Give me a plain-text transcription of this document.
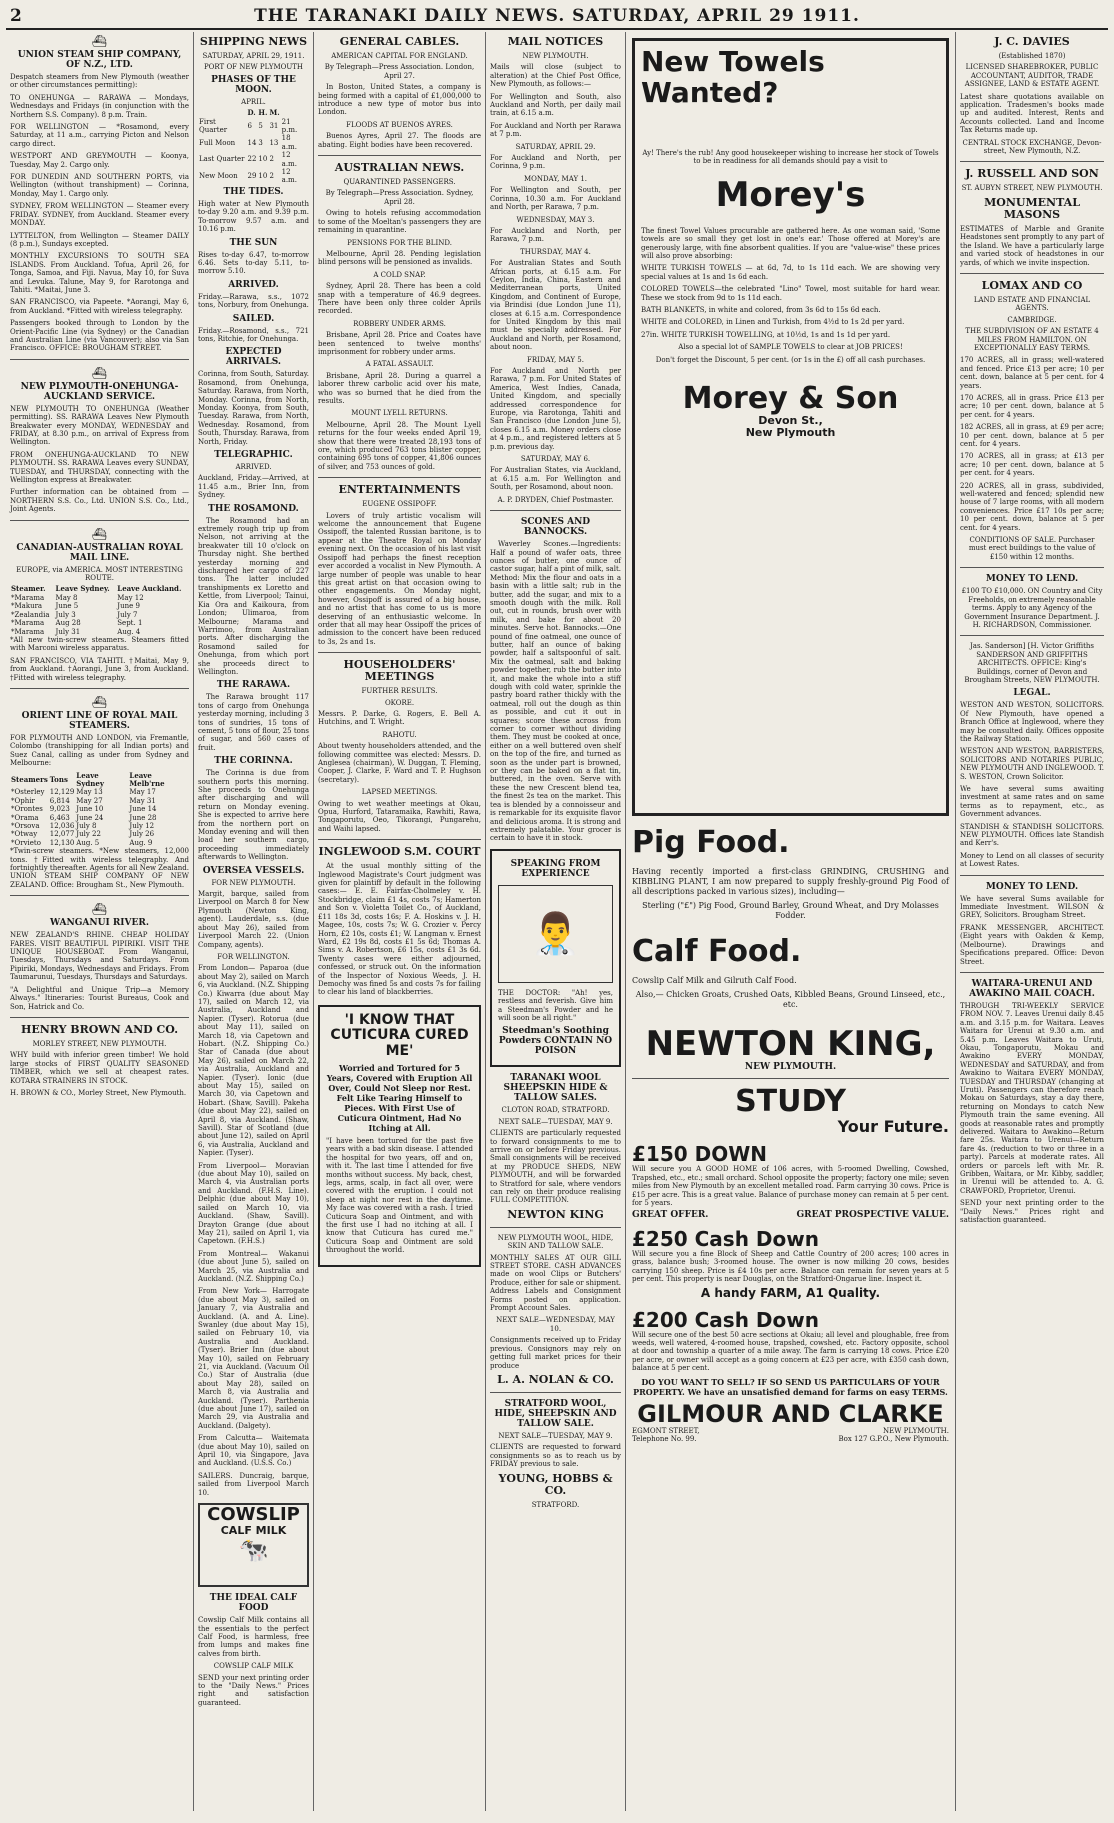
2	THE TARANAKI DAILY NEWS. SATURDAY, APRIL 29 1911.
⛴
UNION STEAM SHIP COMPANY, OF N.Z., LTD.

Despatch steamers from New Plymouth (weather or other circumstances permitting):

TO ONEHUNGA — RARAWA — Mondays, Wednesdays and Fridays (in conjunction with the Northern S.S. Company). 8 p.m. Train.

FOR WELLINGTON — *Rosamond, every Saturday, at 11 a.m., carrying Picton and Nelson cargo direct.

WESTPORT AND GREYMOUTH — Koonya, Tuesday, May 2. Cargo only.

FOR DUNEDIN AND SOUTHERN PORTS, via Wellington (without transhipment) — Corinna, Monday, May 1. Cargo only.

SYDNEY, FROM WELLINGTON — Steamer every FRIDAY. SYDNEY, from Auckland. Steamer every MONDAY.

LYTTELTON, from Wellington — Steamer DAILY (8 p.m.), Sundays excepted.

MONTHLY EXCURSIONS TO SOUTH SEA ISLANDS. From Auckland. Tofua, April 26, for Tonga, Samoa, and Fiji. Navua, May 10, for Suva and Levuka. Talune, May 9, for Rarotonga and Tahiti. *Maitai, June 3.

SAN FRANCISCO, via Papeete. *Aorangi, May 6, from Auckland. *Fitted with wireless telegraphy.

Passengers booked through to London by the Orient-Pacific Line (via Sydney) or the Canadian and Australian Line (via Vancouver); also via San Francisco. OFFICE: BROUGHAM STREET.

⛴
NEW PLYMOUTH-ONEHUNGA-AUCKLAND SERVICE.

NEW PLYMOUTH TO ONEHUNGA (Weather permitting). SS. RARAWA Leaves New Plymouth Breakwater every MONDAY, WEDNESDAY and FRIDAY, at 8.30 p.m., on arrival of Express from Wellington.

FROM ONEHUNGA-AUCKLAND TO NEW PLYMOUTH. SS. RARAWA Leaves every SUNDAY, TUESDAY, and THURSDAY, connecting with the Wellington express at Breakwater.

Further information can be obtained from — NORTHERN S.S. Co., Ltd. UNION S.S. Co., Ltd., Joint Agents.

⛴
CANADIAN-AUSTRALIAN ROYAL MAIL LINE.
EUROPE, via AMERICA. MOST INTERESTING ROUTE.
Steamer.	Leave Sydney.	Leave Auckland.
*Marama	May 8	May 12
*Makura	June 5	June 9
*Zealandia	July 3	July 7
*Marama	Aug 28	Sept. 1
*Marama	July 31	Aug. 4

*All new twin-screw steamers. Steamers fitted with Marconi wireless apparatus.

SAN FRANCISCO, VIA TAHITI. †Maitai, May 9, from Auckland. †Aorangi, June 3, from Auckland. †Fitted with wireless telegraphy.

⛴
ORIENT LINE OF ROYAL MAIL STEAMERS.

FOR PLYMOUTH AND LONDON, via Fremantle, Colombo (transhipping for all Indian ports) and Suez Canal, calling as under from Sydney and Melbourne:

Steamers	Tons	Leave Sydney	Leave Melb'rne
*Osterley	12,129	May 13	May 17
*Ophir	6,814	May 27	May 31
*Orontes	9,023	June 10	June 14
*Orama	6,463	June 24	June 28
*Orsova	12,036	July 8	July 12
*Otway	12,077	July 22	July 26
*Orvieto	12,130	Aug. 5	Aug. 9

*Twin-screw steamers. *New steamers, 12,000 tons. †Fitted with wireless telegraphy. And fortnightly thereafter. Agents for all New Zealand. UNION STEAM SHIP COMPANY OF NEW ZEALAND. Office: Brougham St., New Plymouth.

⛴
WANGANUI RIVER.

NEW ZEALAND'S RHINE. CHEAP HOLIDAY FARES. VISIT BEAUTIFUL PIPIRIKI. VISIT THE UNIQUE HOUSEBOAT. From Wanganui, Tuesdays, Thursdays and Saturdays. From Pipiriki, Mondays, Wednesdays and Fridays. From Taumarunui, Tuesdays, Thursdays and Saturdays.

"A Delightful and Unique Trip—a Memory Always." Itineraries: Tourist Bureaus, Cook and Son, Hatrick and Co.

HENRY BROWN AND CO.
MORLEY STREET, NEW PLYMOUTH.

WHY build with inferior green timber! We hold large stocks of FIRST QUALITY SEASONED TIMBER, which we sell at cheapest rates. KOTARA STRAINERS IN STOCK.

H. BROWN & CO., Morley Street, New Plymouth.

SHIPPING NEWS
SATURDAY, APRIL 29, 1911.
PORT OF NEW PLYMOUTH
PHASES OF THE MOON.
APRIL.
	D.	H.	M.	
First Quarter	6	5	31	21 p.m.
Full Moon	14	3	13	18 a.m.
Last Quarter	22	10	2	12 a.m.
New Moon	29	10	2	12 a.m.
THE TIDES.

High water at New Plymouth to-day 9.20 a.m. and 9.39 p.m. To-morrow 9.57 a.m. and 10.16 p.m.

THE SUN

Rises to-day 6.47, to-morrow 6.46. Sets to-day 5.11, to-morrow 5.10.

ARRIVED.

Friday.—Rarawa, s.s., 1072 tons, Norbury, from Onehunga.

SAILED.

Friday.—Rosamond, s.s., 721 tons, Ritchie, for Onehunga.

EXPECTED ARRIVALS.

Corinna, from South, Saturday. Rosamond, from Onehunga, Saturday. Rarawa, from North, Monday. Corinna, from North, Monday. Koonya, from South, Tuesday. Rarawa, from North, Wednesday. Rosamond, from South, Thursday. Rarawa, from North, Friday.

TELEGRAPHIC.
ARRIVED.

Auckland, Friday.—Arrived, at 11.45 a.m., Brier Inn, from Sydney.

THE ROSAMOND.

The Rosamond had an extremely rough trip up from Nelson, not arriving at the breakwater till 10 o'clock on Thursday night. She berthed yesterday morning and discharged her cargo of 227 tons. The latter included transhipments ex Loretto and Kettle, from Liverpool; Tainui, Kia Ora and Kaikoura, from London; Ulimaroa, from Melbourne; Marama and Warrimoo, from Australian ports. After discharging the Rosamond sailed for Onehunga, from which port she proceeds direct to Wellington.

THE RARAWA.

The Rarawa brought 117 tons of cargo from Onehunga yesterday morning, including 3 tons of sundries, 15 tons of cement, 5 tons of flour, 25 tons of sugar, and 560 cases of fruit.

THE CORINNA.

The Corinna is due from southern ports this morning. She proceeds to Onehunga after discharging and will return on Monday evening. She is expected to arrive here from the northern port on Monday evening and will then load her southern cargo, proceeding immediately afterwards to Wellington.

OVERSEA VESSELS.
FOR NEW PLYMOUTH.

Margit, barque, sailed from Liverpool on March 8 for New Plymouth (Newton King, agent). Lauderdale, s.s. (due about May 26), sailed from Liverpool March 22. (Union Company, agents).

FOR WELLINGTON.

From London— Paparoa (due about May 2), sailed on March 6, via Auckland. (N.Z. Shipping Co.) Kiwarra (due about May 17), sailed on March 12, via Australia, Auckland and Napier. (Tyser). Rotorua (due about May 11), sailed on March 18, via Capetown and Hobart. (N.Z. Shipping Co.) Star of Canada (due about May 26), sailed on March 22, via Australia, Auckland and Napier. (Tyser). Ionic (due about May 15), sailed on March 30, via Capetown and Hobart. (Shaw, Savill). Pakeha (due about May 22), sailed on April 8, via Auckland. (Shaw, Savill). Star of Scotland (due about June 12), sailed on April 6, via Australia, Auckland and Napier. (Tyser).

From Liverpool— Moravian (due about May 10), sailed on March 4, via Australian ports and Auckland. (F.H.S. Line). Delphic (due about May 10), sailed on March 10, via Auckland. (Shaw, Savill). Drayton Grange (due about May 21), sailed on April 1, via Capetown. (F.H.S.)

From Montreal— Wakanui (due about June 5), sailed on March 25, via Australia and Auckland. (N.Z. Shipping Co.)

From New York— Harrogate (due about May 3), sailed on January 7, via Australia and Auckland. (A. and A. Line). Swanley (due about May 15), sailed on February 10, via Australia and Auckland. (Tyser). Brier Inn (due about May 10), sailed on February 21, via Auckland. (Vacuum Oil Co.) Star of Australia (due about May 28), sailed on March 8, via Australia and Auckland. (Tyser). Parthenia (due about June 17), sailed on March 29, via Australia and Auckland. (Dalgety).

From Calcutta— Waitemata (due about May 10), sailed on April 10, via Singapore, Java and Auckland. (U.S.S. Co.)

SAILERS. Duncraig, barque, sailed from Liverpool March 10.

COWSLIP
CALF MILK
🐄
THE IDEAL CALF FOOD

Cowslip Calf Milk contains all the essentials to the perfect Calf Food, is harmless, free from lumps and makes fine calves from birth.

COWSLIP CALF MILK

SEND your next printing order to the "Daily News." Prices right and satisfaction guaranteed.

GENERAL CABLES.
AMERICAN CAPITAL FOR ENGLAND.
By Telegraph—Press Association. London, April 27.

In Boston, United States, a company is being formed with a capital of £1,000,000 to introduce a new type of motor bus into London.

FLOODS AT BUENOS AYRES.

Buenos Ayres, April 27. The floods are abating. Eight bodies have been recovered.

AUSTRALIAN NEWS.
QUARANTINED PASSENGERS.
By Telegraph—Press Association. Sydney, April 28.

Owing to hotels refusing accommodation to some of the Moeltan's passengers they are remaining in quarantine.

PENSIONS FOR THE BLIND.

Melbourne, April 28. Pending legislation blind persons will be pensioned as invalids.

A COLD SNAP.

Sydney, April 28. There has been a cold snap with a temperature of 46.9 degrees. There have been only three colder Aprils recorded.

ROBBERY UNDER ARMS.

Brisbane, April 28. Price and Coates have been sentenced to twelve months' imprisonment for robbery under arms.

A FATAL ASSAULT.

Brisbane, April 28. During a quarrel a laborer threw carbolic acid over his mate, who was so burned that he died from the results.

MOUNT LYELL RETURNS.

Melbourne, April 28. The Mount Lyell returns for the four weeks ended April 19, show that there were treated 28,193 tons of ore, which produced 763 tons blister copper, containing 695 tons of copper, 41,806 ounces of silver, and 753 ounces of gold.

ENTERTAINMENTS
EUGENE OSSIPOFF.

Lovers of truly artistic vocalism will welcome the announcement that Eugene Ossipoff, the talented Russian baritone, is to appear at the Theatre Royal on Monday evening next. On the occasion of his last visit Ossipoff had perhaps the finest reception ever accorded a vocalist in New Plymouth. A large number of people was unable to hear this great artist on that occasion owing to other engagements. On Monday night, however, Ossipoff is assured of a big house, and no artist that has come to us is more deserving of an enthusiastic welcome. In order that all may hear Ossipoff the prices of admission to the concert have been reduced to 3s, 2s and 1s.

HOUSEHOLDERS' MEETINGS
FURTHER RESULTS.
OKORE.

Messrs. P. Darke, G. Rogers, E. Bell A. Hutchins, and T. Wright.

RAHOTU.

About twenty householders attended, and the following committee was elected: Messrs. D. Anglesea (chairman), W. Duggan, T. Fleming, Cooper, J. Clarke, F. Ward and T. P. Hughson (secretary).

LAPSED MEETINGS.

Owing to wet weather meetings at Okau, Opua, Hurford, Tataramaika, Rawhiti, Rawa, Tongaporutu, Oeo, Tikorangi, Pungarehu, and Waihi lapsed.

INGLEWOOD S.M. COURT

At the usual monthly sitting of the Inglewood Magistrate's Court judgment was given for plaintiff by default in the following cases:— E. E. Fairfax-Cholmeley v. H. Stockbridge, claim £1 4s, costs 7s; Hamerton and Son v. Violetta Toilet Co., of Auckland, £11 18s 3d, costs 16s; F. A. Hoskins v. J. H. Magee, 10s, costs 7s; W. G. Crozier v. Percy Horn, £2 10s, costs £1; W. Langman v. Ernest Ward, £2 19s 8d, costs £1 5s 6d; Thomas A. Sims v. A. Robertson, £6 15s, costs £1 3s 6d. Twenty cases were either adjourned, confessed, or struck out. On the information of the Inspector of Noxious Weeds, J. H. Demochy was fined 5s and costs 7s for failing to clear his land of blackberries.

'I KNOW THAT CUTICURA CURED ME'
Worried and Tortured for 5 Years, Covered with Eruption All Over, Could Not Sleep nor Rest. Felt Like Tearing Himself to Pieces. With First Use of Cuticura Ointment, Had No Itching at All.

"I have been tortured for the past five years with a bad skin disease. I attended the hospital for two years, off and on, with it. The last time I attended for five months without success. My back, chest, legs, arms, scalp, in fact all over, were covered with the eruption. I could not sleep at night nor rest in the daytime. My face was covered with a rash. I tried Cuticura Soap and Ointment, and with the first use I had no itching at all. I know that Cuticura has cured me." Cuticura Soap and Ointment are sold throughout the world.

MAIL NOTICES
NEW PLYMOUTH.

Mails will close (subject to alteration) at the Chief Post Office, New Plymouth, as follows:—

For Wellington and South, also Auckland and North, per daily mail train, at 6.15 a.m.

For Auckland and North per Rarawa at 7 p.m.

SATURDAY, APRIL 29.

For Auckland and North, per Corinna, 9 p.m.

MONDAY, MAY 1.

For Wellington and South, per Corinna, 10.30 a.m. For Auckland and North, per Rarawa, 7 p.m.

WEDNESDAY, MAY 3.

For Auckland and North, per Rarawa, 7 p.m.

THURSDAY, MAY 4.

For Australian States and South African ports, at 6.15 a.m. For Ceylon, India, China, Eastern and Mediterranean ports, United Kingdom, and Continent of Europe, via Brindisi (due London June 11), closes at 6.15 a.m. Correspondence for United Kingdom by this mail must be specially addressed. For Auckland and North, per Rosamond, about noon.

FRIDAY, MAY 5.

For Auckland and North per Rarawa, 7 p.m. For United States of America, West Indies, Canada, United Kingdom, and specially addressed correspondence for Europe, via Rarotonga, Tahiti and San Francisco (due London June 5), closes 6.15 a.m. Money orders close at 4 p.m., and registered letters at 5 p.m. previous day.

SATURDAY, MAY 6.

For Australian States, via Auckland, at 6.15 a.m. For Wellington and South, per Rosamond, about noon.

A. P. DRYDEN, Chief Postmaster.
SCONES AND BANNOCKS.

Waverley Scones.—Ingredients: Half a pound of wafer oats, three ounces of butter, one ounce of castor sugar, half a pint of milk, salt. Method: Mix the flour and oats in a basin with a little salt; rub in the butter, add the sugar, and mix to a smooth dough with the milk. Roll out, cut in rounds, brush over with milk, and bake for about 20 minutes. Serve hot. Bannocks.—One pound of fine oatmeal, one ounce of butter, half an ounce of baking powder, half a saltspoonful of salt. Mix the oatmeal, salt and baking powder together, rub the butter into it, and make the whole into a stiff dough with cold water, sprinkle the pastry board rather thickly with the oatmeal, roll out the dough as thin as possible, and cut it out in squares; score these across from corner to corner without dividing them. They must be cooked at once, either on a well buttered oven shelf on the top of the fire, and turned as soon as the under part is browned, or they can be baked on a flat tin, buttered, in the oven. Serve with these the new Crescent blend tea, the finest 2s tea on the market. This tea is blended by a connoisseur and is remarkable for its exquisite flavor and delicious aroma. It is strong and extremely palatable. Your grocer is certain to have it in stock.

SPEAKING FROM EXPERIENCE
👨‍⚕️

THE DOCTOR: "Ah! yes, restless and feverish. Give him a Steedman's Powder and he will soon be all right."

Steedman's Soothing Powders CONTAIN NO POISON
TARANAKI WOOL SHEEPSKIN HIDE & TALLOW SALES.
CLOTON ROAD, STRATFORD.
NEXT SALE—TUESDAY, MAY 9.

CLIENTS are particularly requested to forward consignments to me to arrive on or before Friday previous. Small consignments will be received at my PRODUCE SHEDS, NEW PLYMOUTH, and will be forwarded to Stratford for sale, where vendors can rely on their produce realising FULL COMPETITION.

NEWTON KING
NEW PLYMOUTH WOOL, HIDE, SKIN AND TALLOW SALE.

MONTHLY SALES AT OUR GILL STREET STORE. CASH ADVANCES made on wool Clips or Butchers' Produce, either for sale or shipment. Address Labels and Consignment Forms posted on application. Prompt Account Sales.

NEXT SALE—WEDNESDAY, MAY 10.

Consignments received up to Friday previous. Consignors may rely on getting full market prices for their produce

L. A. NOLAN & CO.
STRATFORD WOOL, HIDE, SHEEPSKIN AND TALLOW SALE.
NEXT SALE—TUESDAY, MAY 9.

CLIENTS are requested to forward consignments so as to reach us by FRIDAY previous to sale.

YOUNG, HOBBS & CO.
STRATFORD.
New Towels
Wanted?

Ay! There's the rub! Any good housekeeper wishing to increase her stock of Towels to be in readiness for all demands should pay a visit to

Morey's

The finest Towel Values procurable are gathered here. As one woman said, 'Some towels are so small they get lost in one's ear.' Those offered at Morey's are generously large, with fine absorbent qualities. If you are "value-wise" these prices will also prove absorbing:

WHITE TURKISH TOWELS — at 6d, 7d, to 1s 11d each. We are showing very special values at 1s and 1s 6d each.

COLORED TOWELS—the celebrated "Lino" Towel, most suitable for hard wear. These we stock from 9d to 1s 11d each.

BATH BLANKETS, in white and colored, from 3s 6d to 15s 6d each.

WHITE and COLORED, in Linen and Turkish, from 4½d to 1s 2d per yard.

27in. WHITE TURKISH TOWELLING, at 10½d, 1s and 1s 1d per yard.

Also a special lot of SAMPLE TOWELS to clear at JOB PRICES!

Don't forget the Discount, 5 per cent. (or 1s in the £) off all cash purchases.

Morey & Son
Devon St.,
New Plymouth
Pig Food.

Having recently imported a first-class GRINDING, CRUSHING and KIBBLING PLANT, I am now prepared to supply freshly-ground Pig Food of all descriptions packed in various sizes), including—

Sterling ("£") Pig Food, Ground Barley, Ground Wheat, and Dry Molasses Fodder.

Calf Food.

Cowslip Calf Milk and Gilruth Calf Food.

Also,— Chicken Groats, Crushed Oats, Kibbled Beans, Ground Linseed, etc., etc.

NEWTON KING,
NEW PLYMOUTH.
STUDY
Your Future.
£150 DOWN

Will secure you A GOOD HOME of 106 acres, with 5-roomed Dwelling, Cowshed, Trapshed, etc., etc.; small orchard. School opposite the property; factory one mile; seven miles from New Plymouth by an excellent metalled road. Farm carrying 30 cows. Price is £15 per acre. This is a great value. Balance of purchase money can remain at 5 per cent. for 5 years.

GREAT OFFER.	GREAT PROSPECTIVE VALUE.
£250 Cash Down

Will secure you a fine Block of Sheep and Cattle Country of 200 acres; 100 acres in grass, balance bush; 3-roomed house. The owner is now milking 20 cows, besides carrying 150 sheep. Price is £4 10s per acre. Balance can remain for seven years at 5 per cent. This property is near Douglas, on the Stratford-Ongarue line. Inspect it.

A handy FARM, A1 Quality.
£200 Cash Down

Will secure one of the best 50 acre sections at Okaiu; all level and ploughable, free from weeds, well watered, 4-roomed house, trapshed, cowshed, etc. Factory opposite, school at door and township a quarter of a mile away. The farm is carrying 18 cows. Price £20 per acre, or owner will accept as a going concern at £23 per acre, with £350 cash down, balance at 5 per cent.

DO YOU WANT TO SELL? IF SO SEND US PARTICULARS OF YOUR PROPERTY. We have an unsatisfied demand for farms on easy TERMS.

GILMOUR AND CLARKE
EGMONT STREET,	NEW PLYMOUTH.
Telephone No. 99.	Box 127 G.P.O., New Plymouth.
J. C. DAVIES
(Established 1870)

LICENSED SHAREBROKER, PUBLIC ACCOUNTANT, AUDITOR, TRADE ASSIGNEE, LAND & ESTATE AGENT.

Latest share quotations available on application. Tradesmen's books made up and audited. Interest, Rents and Accounts collected. Land and Income Tax Returns made up.

CENTRAL STOCK EXCHANGE, Devon-street, New Plymouth, N.Z.

J. RUSSELL AND SON
ST. AUBYN STREET, NEW PLYMOUTH.
MONUMENTAL MASONS

ESTIMATES of Marble and Granite Headstones sent promptly to any part of the Island. We have a particularly large and varied stock of headstones in our yards, of which we invite inspection.

LOMAX AND CO
LAND ESTATE AND FINANCIAL AGENTS.
CAMBRIDGE.

THE SUBDIVISION OF AN ESTATE 4 MILES FROM HAMILTON. ON EXCEPTIONALLY EASY TERMS.

170 ACRES, all in grass; well-watered and fenced. Price £13 per acre; 10 per cent. down, balance at 5 per cent. for 4 years.

170 ACRES, all in grass. Price £13 per acre; 10 per cent. down, balance at 5 per cent. for 4 years.

182 ACRES, all in grass, at £9 per acre; 10 per cent. down, balance at 5 per cent. for 4 years.

170 ACRES, all in grass; at £13 per acre; 10 per cent. down, balance at 5 per cent. for 4 years.

220 ACRES, all in grass, subdivided, well-watered and fenced; splendid new house of 7 large rooms, with all modern conveniences. Price £17 10s per acre; 10 per cent. down, balance at 5 per cent. for 4 years.

CONDITIONS OF SALE. Purchaser must erect buildings to the value of £150 within 12 months.

MONEY TO LEND.

£100 TO £10,000. ON Country and City Freeholds, on extremely reasonable terms. Apply to any Agency of the Government Insurance Department. J. H. RICHARDSON, Commissioner.

Jas. Sanderson] [H. Victor Griffiths SANDERSON AND GRIFFITHS ARCHITECTS. OFFICE: King's Buildings, corner of Devon and Brougham Streets, NEW PLYMOUTH.

LEGAL.

WESTON AND WESTON, SOLICITORS. Of New Plymouth, have opened a Branch Office at Inglewood, where they may be consulted daily. Offices opposite the Railway Station.

WESTON AND WESTON, BARRISTERS, SOLICITORS AND NOTARIES PUBLIC, NEW PLYMOUTH AND INGLEWOOD. T. S. WESTON, Crown Solicitor.

We have several sums awaiting investment at same rates and on same terms as to repayment, etc., as Government advances.

STANDISH & STANDISH SOLICITORS. NEW PLYMOUTH. Offices late Standish and Kerr's.

Money to Lend on all classes of security at Lowest Rates.

MONEY TO LEND.

We have several Sums available for Immediate Investment. WILSON & GREY, Solicitors. Brougham Street.

FRANK MESSENGER, ARCHITECT. (Eight years with Oakden & Kemp, (Melbourne). Drawings and Specifications prepared. Office: Devon Street.

WAITARA-URENUI AND AWAKINO MAIL COACH.

THROUGH TRI-WEEKLY SERVICE FROM NOV. 7. Leaves Urenui daily 8.45 a.m. and 3.15 p.m. for Waitara. Leaves Waitara for Urenui at 9.30 a.m. and 5.45 p.m. Leaves Waitara to Uruti, Okau, Tongaporutu, Mokau and Awakino EVERY MONDAY, WEDNESDAY and SATURDAY, and from Awakino to Waitara EVERY MONDAY, TUESDAY and THURSDAY (changing at Uruti). Passengers can therefore reach Mokau on Saturdays, stay a day there, returning on Mondays to catch New Plymouth train the same evening. All goods at reasonable rates and promptly delivered. Waitara to Awakino—Return fare 25s. Waitara to Urenui—Return fare 4s. (reduction to two or three in a party). Parcels at moderate rates. All orders or parcels left with Mr. R. Gribben, Waitara, or Mr. Kibby, saddler, in Urenui will be attended to. A. G. CRAWFORD, Proprietor, Urenui.

SEND your next printing order to the "Daily News." Prices right and satisfaction guaranteed.
